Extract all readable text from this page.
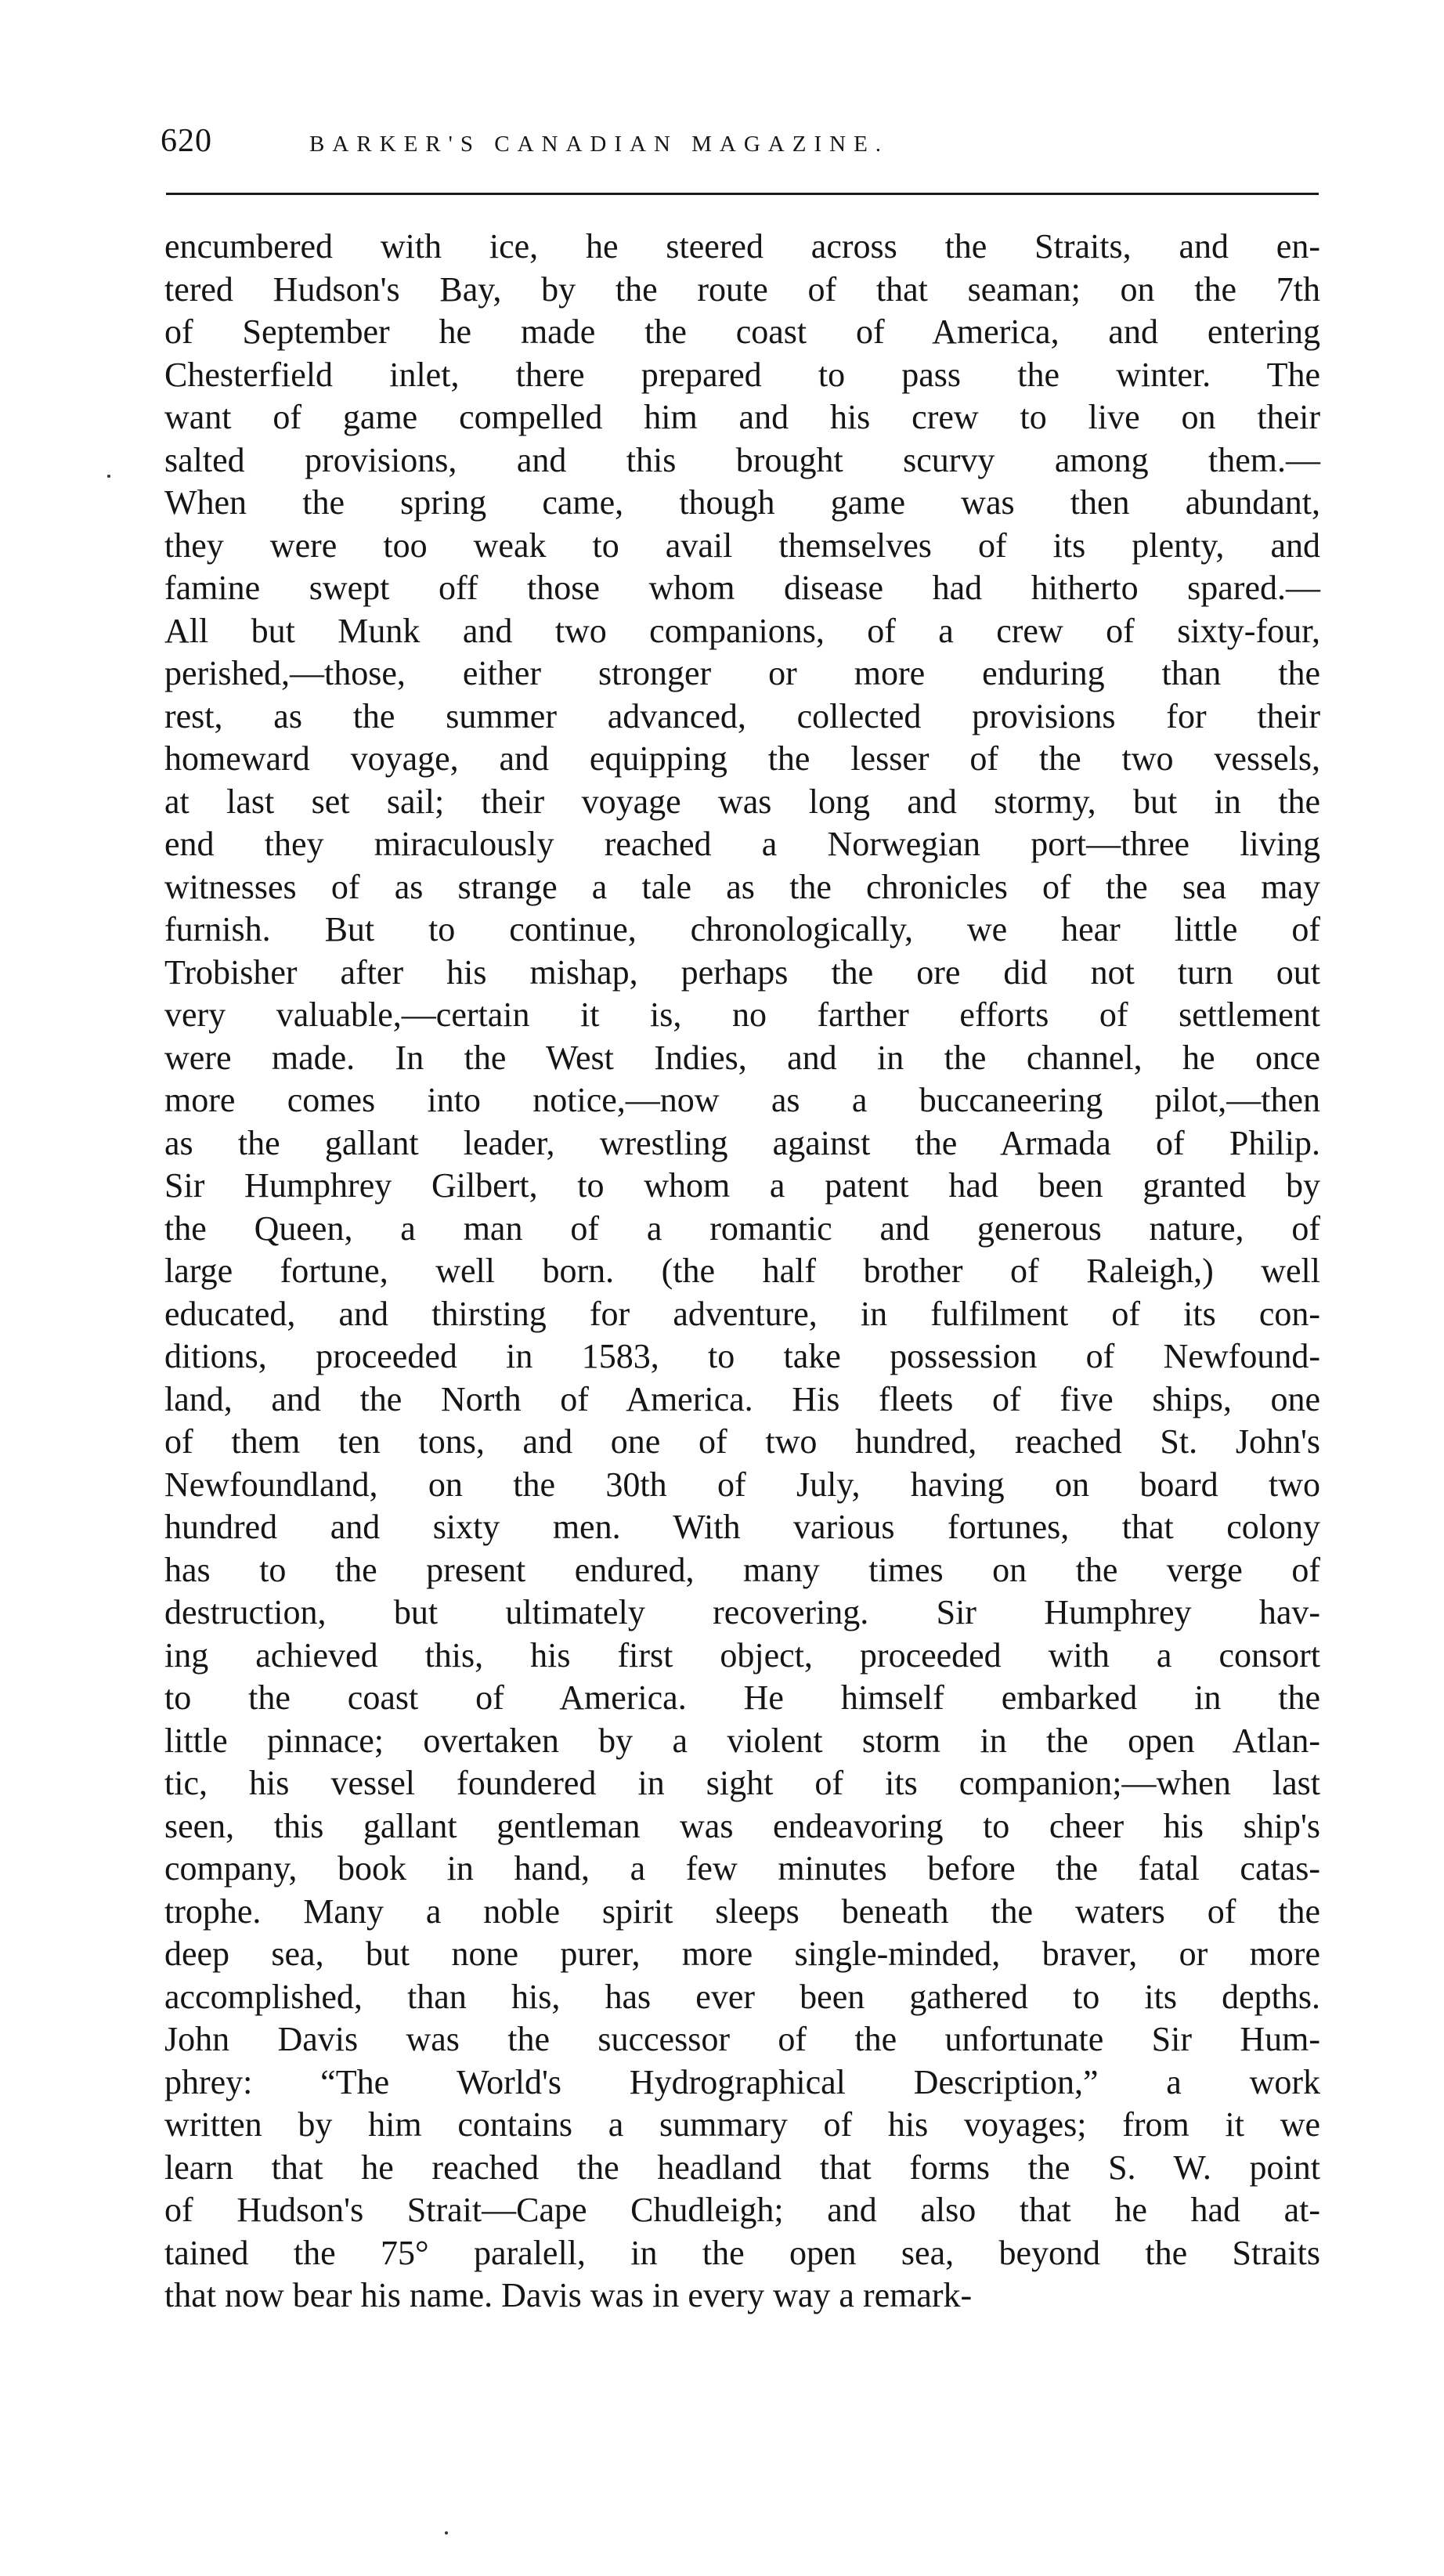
620	BARKER'S CANADIAN MAGAZINE.
encumbered with ice, he steered across the Straits, and en-
tered Hudson's Bay, by the route of that seaman; on the 7th
of September he made the coast of America, and entering
Chesterfield inlet, there prepared to pass the winter. The
want of game compelled him and his crew to live on their
salted provisions, and this brought scurvy among them.—
When the spring came, though game was then abundant,
they were too weak to avail themselves of its plenty, and
famine swept off those whom disease had hitherto spared.—
All but Munk and two companions, of a crew of sixty-four,
perished,—those, either stronger or more enduring than the
rest, as the summer advanced, collected provisions for their
homeward voyage, and equipping the lesser of the two vessels,
at last set sail; their voyage was long and stormy, but in the
end they miraculously reached a Norwegian port—three living
witnesses of as strange a tale as the chronicles of the sea may
furnish. But to continue, chronologically, we hear little of
Trobisher after his mishap, perhaps the ore did not turn out
very valuable,—certain it is, no farther efforts of settlement
were made. In the West Indies, and in the channel, he once
more comes into notice,—now as a buccaneering pilot,—then
as the gallant leader, wrestling against the Armada of Philip.
Sir Humphrey Gilbert, to whom a patent had been granted by
the Queen, a man of a romantic and generous nature, of
large fortune, well born. (the half brother of Raleigh,) well
educated, and thirsting for adventure, in fulfilment of its con-
ditions, proceeded in 1583, to take possession of Newfound-
land, and the North of America. His fleets of five ships, one
of them ten tons, and one of two hundred, reached St. John's
Newfoundland, on the 30th of July, having on board two
hundred and sixty men. With various fortunes, that colony
has to the present endured, many times on the verge of
destruction, but ultimately recovering. Sir Humphrey hav-
ing achieved this, his first object, proceeded with a consort
to the coast of America. He himself embarked in the
little pinnace; overtaken by a violent storm in the open Atlan-
tic, his vessel foundered in sight of its companion;—when last
seen, this gallant gentleman was endeavoring to cheer his ship's
company, book in hand, a few minutes before the fatal catas-
trophe. Many a noble spirit sleeps beneath the waters of the
deep sea, but none purer, more single-minded, braver, or more
accomplished, than his, has ever been gathered to its depths.
John Davis was the successor of the unfortunate Sir Hum-
phrey: “The World's Hydrographical Description,” a work
written by him contains a summary of his voyages; from it we
learn that he reached the headland that forms the S. W. point
of Hudson's Strait—Cape Chudleigh; and also that he had at-
tained the 75° paralell, in the open sea, beyond the Straits
that now bear his name. Davis was in every way a remark-
